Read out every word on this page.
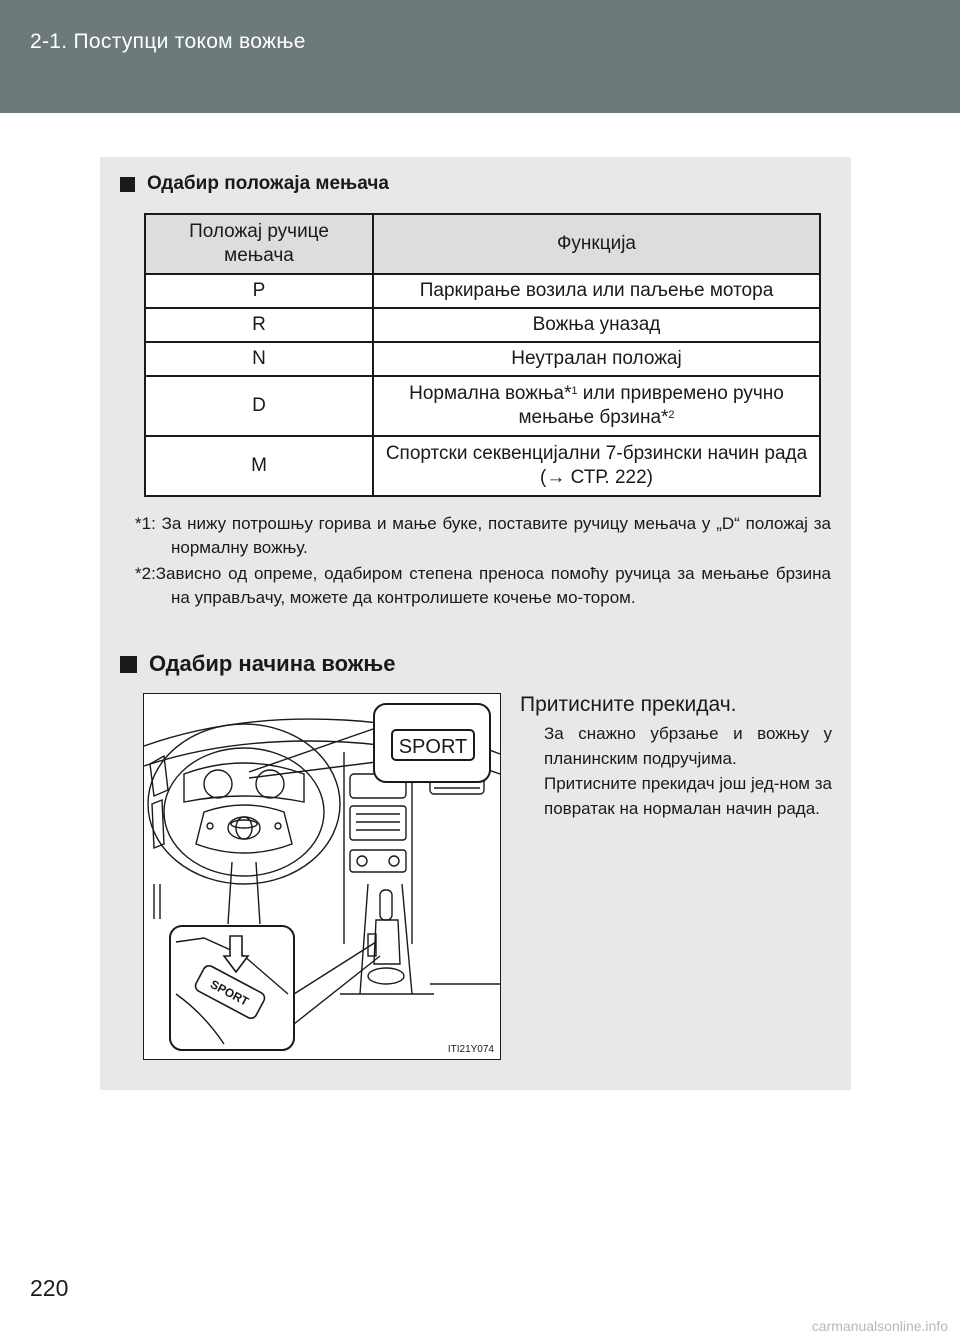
2-1. Поступци током вожње
Одабир положаја мењача
Положај ручице мењача	Функција
P	Паркирање возила или паљење мотора
R	Вожња уназад
N	Неутралан положај
D	Нормална вожња*$^1$ или привремено ручно мењање брзина*$^2$
M	Спортски секвенцијални 7-брзински начин рада (→ СТР. 222)
*1: За нижу потрошњу горива и мање буке, поставите ручицу мењача у „D“ положај за нормалну вожњу.
*2:Зависно од опреме, одабиром степена преноса помоћу ручица за мењање брзина на управљачу, можете да контролишете кочење мо-тором.
Одабир начина вожње
SPORT
SPORT
ITI21Y074
Притисните прекидач.
За снажно убрзање и вожњу у планинским подручјима.
Притисните прекидач још јед-ном за повратак на нормалан начин рада.
220
carmanualsonline.info
